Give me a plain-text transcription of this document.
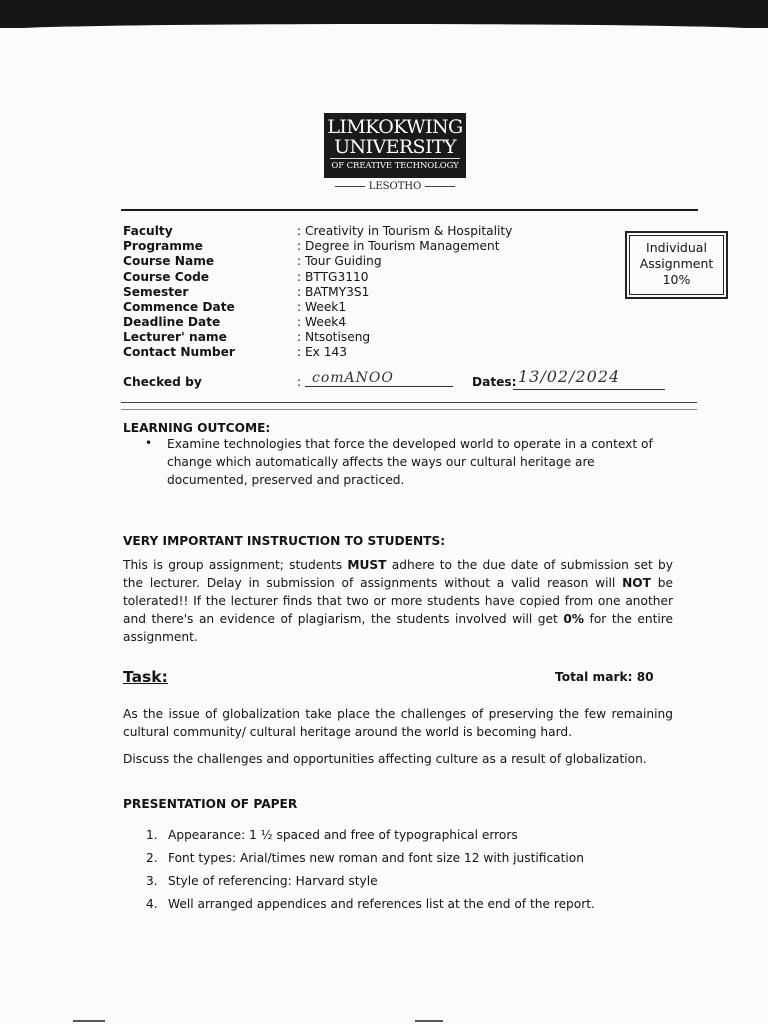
LIMKOKWING
UNIVERSITY
OF CREATIVE TECHNOLOGY
LESOTHO
Faculty	: Creativity in Tourism & Hospitality
Programme	: Degree in Tourism Management
Course Name	: Tour Guiding
Course Code	: BTTG3110
Semester	: BATMY3S1
Commence Date	: Week1
Deadline Date	: Week4
Lecturer' name	: Ntsotiseng
Contact Number	: Ex 143
Individual
Assignment
10%
Checked by	: comANOO	Dates: 13/02/2024
LEARNING OUTCOME:
• Examine technologies that force the developed world to operate in a context of change which automatically affects the ways our cultural heritage are documented, preserved and practiced.
VERY IMPORTANT INSTRUCTION TO STUDENTS:
This is group assignment; students MUST adhere to the due date of submission set by the lecturer. Delay in submission of assignments without a valid reason will NOT be tolerated!! If the lecturer finds that two or more students have copied from one another and there's an evidence of plagiarism, the students involved will get 0% for the entire assignment.
Task:	Total mark: 80
As the issue of globalization take place the challenges of preserving the few remaining cultural community/ cultural heritage around the world is becoming hard.
Discuss the challenges and opportunities affecting culture as a result of globalization.
PRESENTATION OF PAPER
1. Appearance: 1 ½ spaced and free of typographical errors
2. Font types: Arial/times new roman and font size 12 with justification
3. Style of referencing: Harvard style
4. Well arranged appendices and references list at the end of the report.
